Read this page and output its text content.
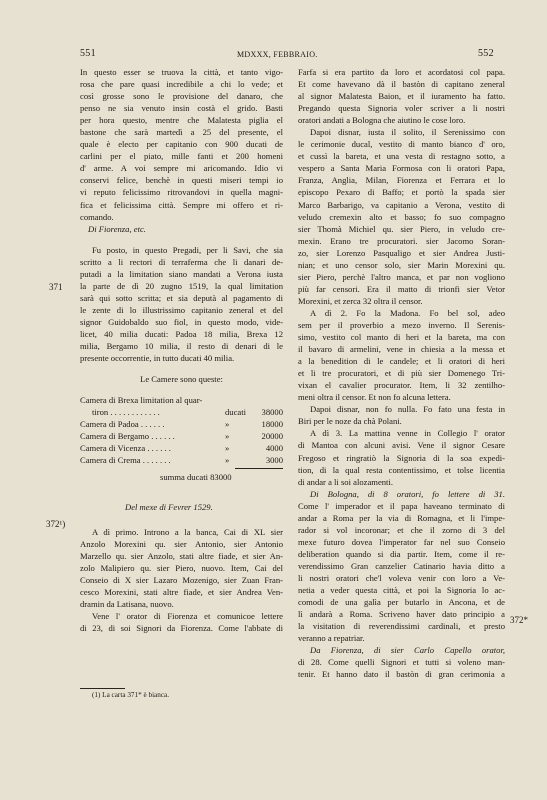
551	MDXXX, FEBBRAIO.	552
371
372¹)
372*
In questo esser se truova la città, et tanto vigo-
rosa che pare quasi incredibile a chi lo vede; et
così grosse sono le provisione del danaro, che
penso ne sia venuto insin costà el grido. Basti
per hora questo, mentre che Malatesta piglia el
bastone che sarà martedì a 25 del presente, el
quale è electo per capitanio con 900 ducati de
carlini per el piato, mille fanti et 200 homeni
d' arme. A voi sempre mi aricomando. Idio vi
conservi felice, benchè in questi miseri tempi io
vi reputo felicissimo ritrovandovi in quella magni-
fica et felicissima città. Sempre mi offero et ri-
comando.
Di Fiorenza, etc.
Fu posto, in questo Pregadi, per li Savi, che sia
scritto a li rectori di terraferma che li danari de-
putadi a la limitation siano mandati a Verona iusta
la parte de dì 20 zugno 1519, la qual limitation
sarà qui sotto scritta; et sia deputà al pagamento di
le zente di lo illustrissimo capitanio zeneral et del
signor Guidobaldo suo fiol, in questo modo, vide-
licet, 40 milia ducati: Padoa 18 milia, Brexa 12
milia, Bergamo 10 milia, il resto di denari di le
presente occorrentie, in tutto ducati 40 milia.
Le Camere sono queste:
Camera di Brexa limitation al quar-
tiron . . . . . . . . . . . .	ducati	38000
Camera di Padoa . . . . . .	»	18000
Camera di Bergamo . . . . . .	»	20000
Camera di Vicenza . . . . . .	»	4000
Camera di Crema . . . . . . .	»	3000
summa ducati 83000
Del mexe di Fevrer 1529.
A dì primo. Introno a la banca, Cai di XL sier
Anzolo Morexini qu. sier Antonio, sier Antonio
Marzello qu. sier Anzolo, stati altre fiade, et sier An-
zolo Malipiero qu. sier Piero, nuovo. Item, Cai del
Conseio di X sier Lazaro Mozenigo, sier Zuan Fran-
cesco Morexini, stati altre fiade, et sier Andrea Ven-
dramin da Latisana, nuovo.
Vene l' orator di Fiorenza et comunicoe lettere
di 23, di soi Signori da Fiorenza. Come l'abbate di
Farfa si era partito da loro et acordatosi col papa.
Et come havevano dà il bastòn di capitano zeneral
al signor Malatesta Baion, et il iuramento ha fatto.
Pregando questa Signoria voler scriver a li nostri
oratori andati a Bologna che aiutino le cose loro.
Dapoi disnar, iusta il solito, il Serenissimo con
le cerimonie ducal, vestito di manto bianco d' oro,
et cussì la bareta, et una vesta di restagno sotto, a
vespero a Santa Maria Formosa con li oratori Papa,
Franza, Anglia, Milan, Fiorenza et Ferrara et lo
episcopo Pexaro di Baffo; et portò la spada sier
Marco Barbarigo, va capitanio a Verona, vestito di
veludo cremexin alto et basso; fo suo compagno
sier Thomà Michiel qu. sier Piero, in veludo cre-
mexin. Erano tre procuratori. sier Jacomo Soran-
zo, sier Lorenzo Pasqualigo et sier Andrea Justi-
nian; et uno censor solo, sier Marin Morexini qu.
sier Piero, perchè l'altro manca, et par non vogliono
più far censori. Era il matto di trionfi sier Vetor
Morexini, et zerca 32 oltra il censor.
A dì 2. Fo la Madona. Fo bel sol, adeo
sem per il proverbio a mezo inverno. Il Serenis-
simo, vestito col manto di heri et la bareta, ma con
il bavaro di armelini, vene in chiesia a la messa et
a la benedition di le candele; et li oratori di heri
et li tre procuratori, et di più sier Domenego Tri-
vixan el cavalier procurator. Item, li 32 zentilho-
meni oltra il censor. Et non fo alcuna lettera.
Dapoi disnar, non fo nulla. Fo fato una festa in
Biri per le noze da chà Polani.
A dì 3. La mattina venne in Collegio l' orator
di Mantoa con alcuni avisi. Vene il signor Cesare
Fregoso et ringratiò la Signoria di la soa expedi-
tion, di la qual resta contentissimo, et tolse licentia
di andar a li soi alozamenti.
Di Bologna, di 8 oratori, fo lettere di 31.
Come l' imperador et il papa haveano terminato di
andar a Roma per la via di Romagna, et li l'impe-
rador si vol incoronar; et che il zorno di 3 del
mexe futuro dovea l'imperator far nel suo Conseio
deliberation quando si dia partir. Item, come il re-
verendissimo Gran canzelier Catinario havia ditto a
li nostri oratori che'l voleva venir con loro a Ve-
netia a veder questa città, et poi la Signoria lo ac-
comodi de una galìa per butarlo in Ancona, et de
lì andarà a Roma. Scriveno haver dato principio a
la visitation di reverendissimi cardinali, et presto
veranno a repatriar.
Da Fiorenza, di sier Carlo Capello orator,
di 28. Come quelli Signori et tutti si voleno man-
tenir. Et hanno dato il bastòn di gran cerimonia a
(1) La carta 371* è bianca.
